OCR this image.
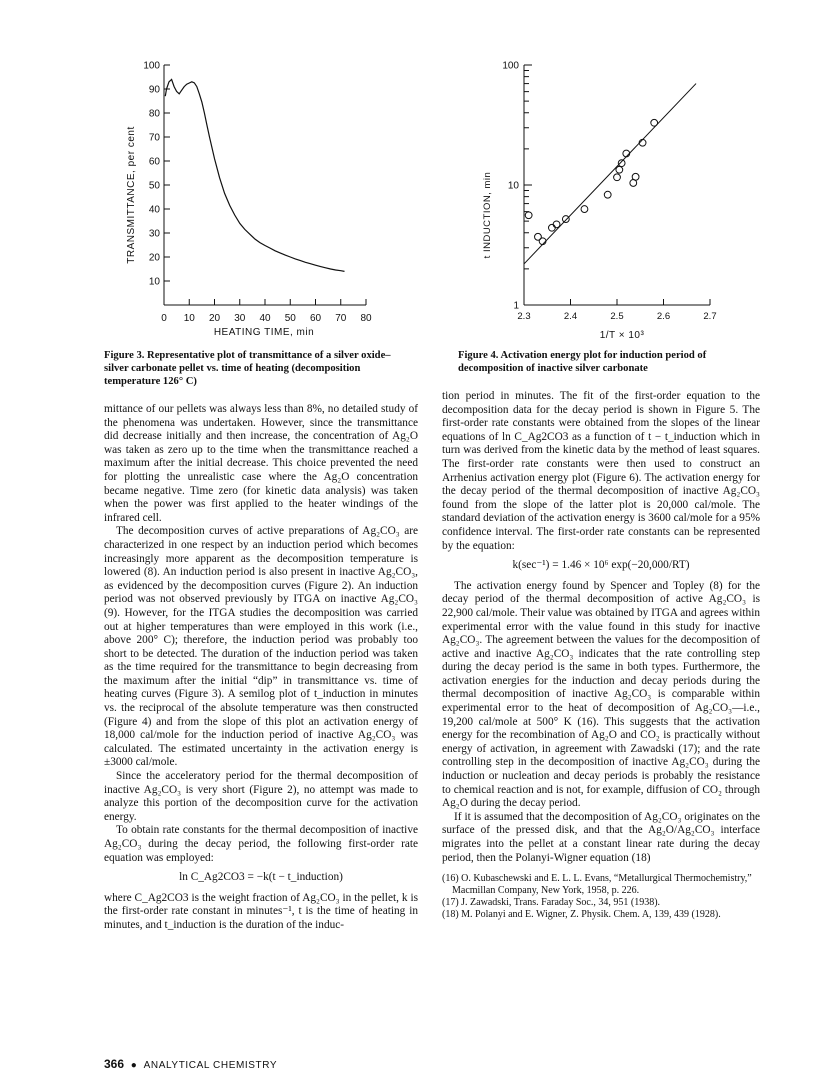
0 10 20 30 40 50 60 70 80
10
20
30
40
50
60
70
80
90
100
HEATING TIME, min
TRANSMITTANCE, per cent
1
10
100
2.3	2.4	2.5	2.6	2.7
1/T × 10³
t INDUCTION, min

Figure 3. Representative plot of transmittance of a silver oxide–silver carbonate pellet vs. time of heating (decomposition temperature 126° C)

Figure 4. Activation energy plot for induction period of decomposition of inactive silver carbonate

mittance of our pellets was always less than 8%, no detailed study of the phenomena was undertaken. However, since the transmittance did decrease initially and then increase, the concentration of Ag₂O was taken as zero up to the time when the transmittance reached a maximum after the initial decrease. This choice prevented the need for plotting the unrealistic case where the Ag₂O concentration became negative. Time zero (for kinetic data analysis) was taken when the power was first applied to the heater windings of the infrared cell.

The decomposition curves of active preparations of Ag₂CO₃ are characterized in one respect by an induction period which becomes increasingly more apparent as the decomposition temperature is lowered (8). An induction period is also present in inactive Ag₂CO₃, as evidenced by the decomposition curves (Figure 2). An induction period was not observed previously by ITGA on inactive Ag₂CO₃ (9). However, for the ITGA studies the decomposition was carried out at higher temperatures than were employed in this work (i.e., above 200° C); therefore, the induction period was probably too short to be detected. The duration of the induction period was taken as the time required for the transmittance to begin decreasing from the maximum after the initial “dip” in transmittance vs. time of heating curves (Figure 3). A semilog plot of t_induction in minutes vs. the reciprocal of the absolute temperature was then constructed (Figure 4) and from the slope of this plot an activation energy of 18,000 cal/mole for the induction period of inactive Ag₂CO₃ was calculated. The estimated uncertainty in the activation energy is ±3000 cal/mole.

Since the acceleratory period for the thermal decomposition of inactive Ag₂CO₃ is very short (Figure 2), no attempt was made to analyze this portion of the decomposition curve for the activation energy.

To obtain rate constants for the thermal decomposition of inactive Ag₂CO₃ during the decay period, the following first-order rate equation was employed:

ln C_Ag2CO3 = −k(t − t_induction)

where C_Ag2CO3 is the weight fraction of Ag₂CO₃ in the pellet, k is the first-order rate constant in minutes⁻¹, t is the time of heating in minutes, and t_induction is the duration of the induc-

tion period in minutes. The fit of the first-order equation to the decomposition data for the decay period is shown in Figure 5. The first-order rate constants were obtained from the slopes of the linear equations of ln C_Ag2CO3 as a function of t − t_induction which in turn was derived from the kinetic data by the method of least squares. The first-order rate constants were then used to construct an Arrhenius activation energy plot (Figure 6). The activation energy for the decay period of the thermal decomposition of inactive Ag₂CO₃ found from the slope of the latter plot is 20,000 cal/mole. The standard deviation of the activation energy is 3600 cal/mole for a 95% confidence interval. The first-order rate constants can be represented by the equation:

k(sec⁻¹) = 1.46 × 10⁶ exp(−20,000/RT)

The activation energy found by Spencer and Topley (8) for the decay period of the thermal decomposition of active Ag₂CO₃ is 22,900 cal/mole. Their value was obtained by ITGA and agrees within experimental error with the value found in this study for inactive Ag₂CO₃. The agreement between the values for the decomposition of active and inactive Ag₂CO₃ indicates that the rate controlling step during the decay period is the same in both types. Furthermore, the activation energies for the induction and decay periods during the thermal decomposition of inactive Ag₂CO₃ is comparable within experimental error to the heat of decomposition of Ag₂CO₃—i.e., 19,200 cal/mole at 500° K (16). This suggests that the activation energy for the recombination of Ag₂O and CO₂ is practically without energy of activation, in agreement with Zawadski (17); and the rate controlling step in the decomposition of inactive Ag₂CO₃ during the induction or nucleation and decay periods is probably the resistance to chemical reaction and is not, for example, diffusion of CO₂ through Ag₂O during the decay period.

If it is assumed that the decomposition of Ag₂CO₃ originates on the surface of the pressed disk, and that the Ag₂O/Ag₂CO₃ interface migrates into the pellet at a constant linear rate during the decay period, then the Polanyi-Wigner equation (18)

(16) O. Kubaschewski and E. L. L. Evans, “Metallurgical Thermochemistry,” Macmillan Company, New York, 1958, p. 226.

(17) J. Zawadski, Trans. Faraday Soc., 34, 951 (1938).

(18) M. Polanyi and E. Wigner, Z. Physik. Chem. A, 139, 439 (1928).

366  ●  ANALYTICAL CHEMISTRY
